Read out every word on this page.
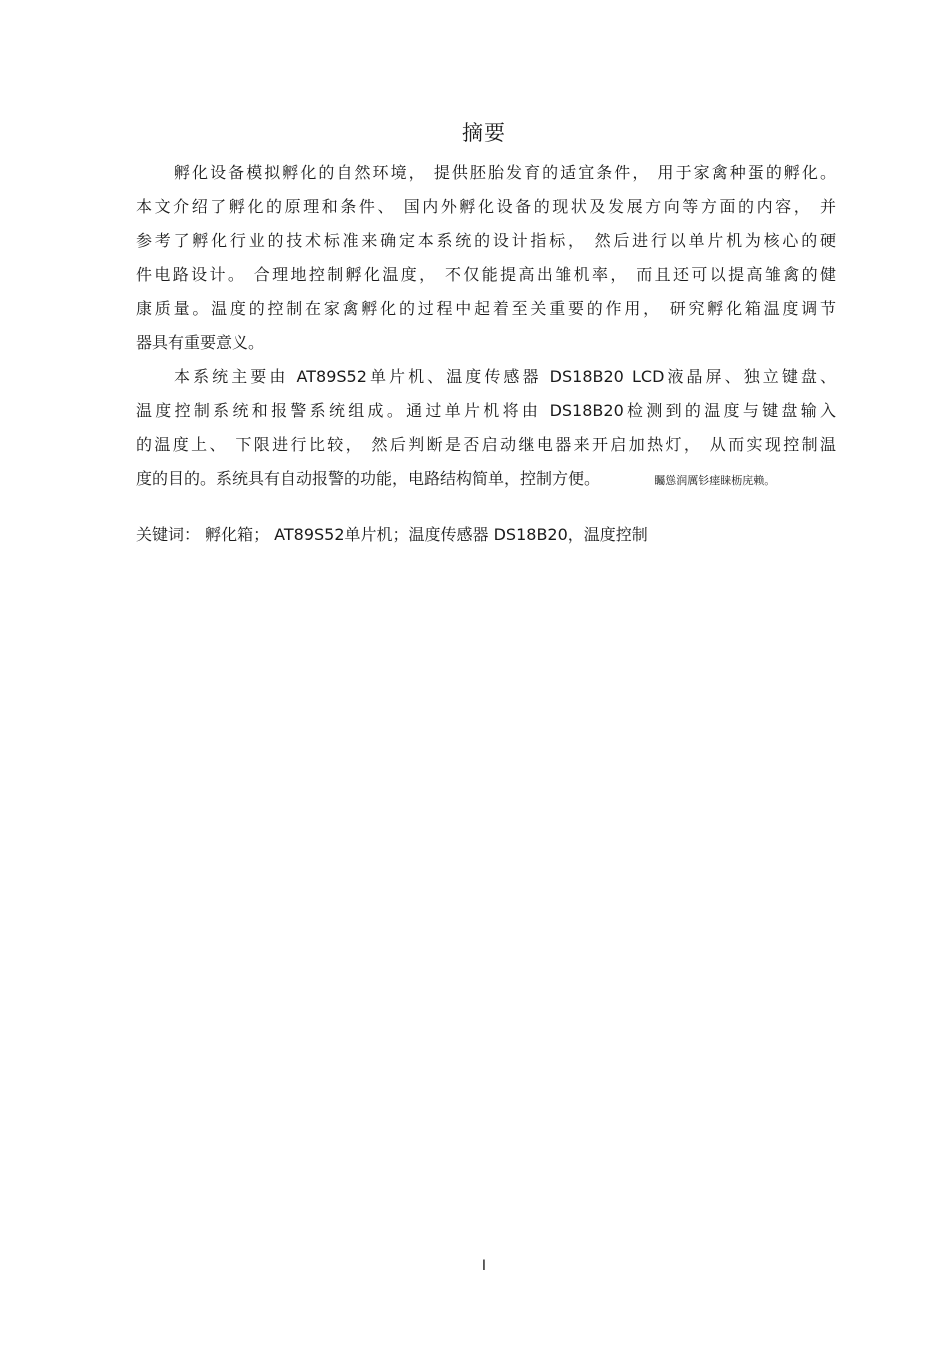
摘要
孵化设备模拟孵化的自然环境， 提供胚胎发育的适宜条件， 用于家禽种蛋的孵化。
本文介绍了孵化的原理和条件、 国内外孵化设备的现状及发展方向等方面的内容， 并
参考了孵化行业的技术标准来确定本系统的设计指标， 然后进行以单片机为核心的硬
件电路设计。 合理地控制孵化温度， 不仅能提高出雏机率， 而且还可以提高雏禽的健
康质量。温度的控制在家禽孵化的过程中起着至关重要的作用， 研究孵化箱温度调节
器具有重要意义。
本系统主要由 AT89S52单片机、温度传感器 DS18B20 LCD液晶屏、独立键盘、
温度控制系统和报警系统组成。通过单片机将由 DS18B20检测到的温度与键盘输入
的温度上、 下限进行比较， 然后判断是否启动继电器来开启加热灯， 从而实现控制温
度的目的。系统具有自动报警的功能，电路结构简单，控制方便。	矚慫润厲钐瘗睐枥庑赖。
关键词： 孵化箱； AT89S52单片机；温度传感器 DS18B20，温度控制
I
